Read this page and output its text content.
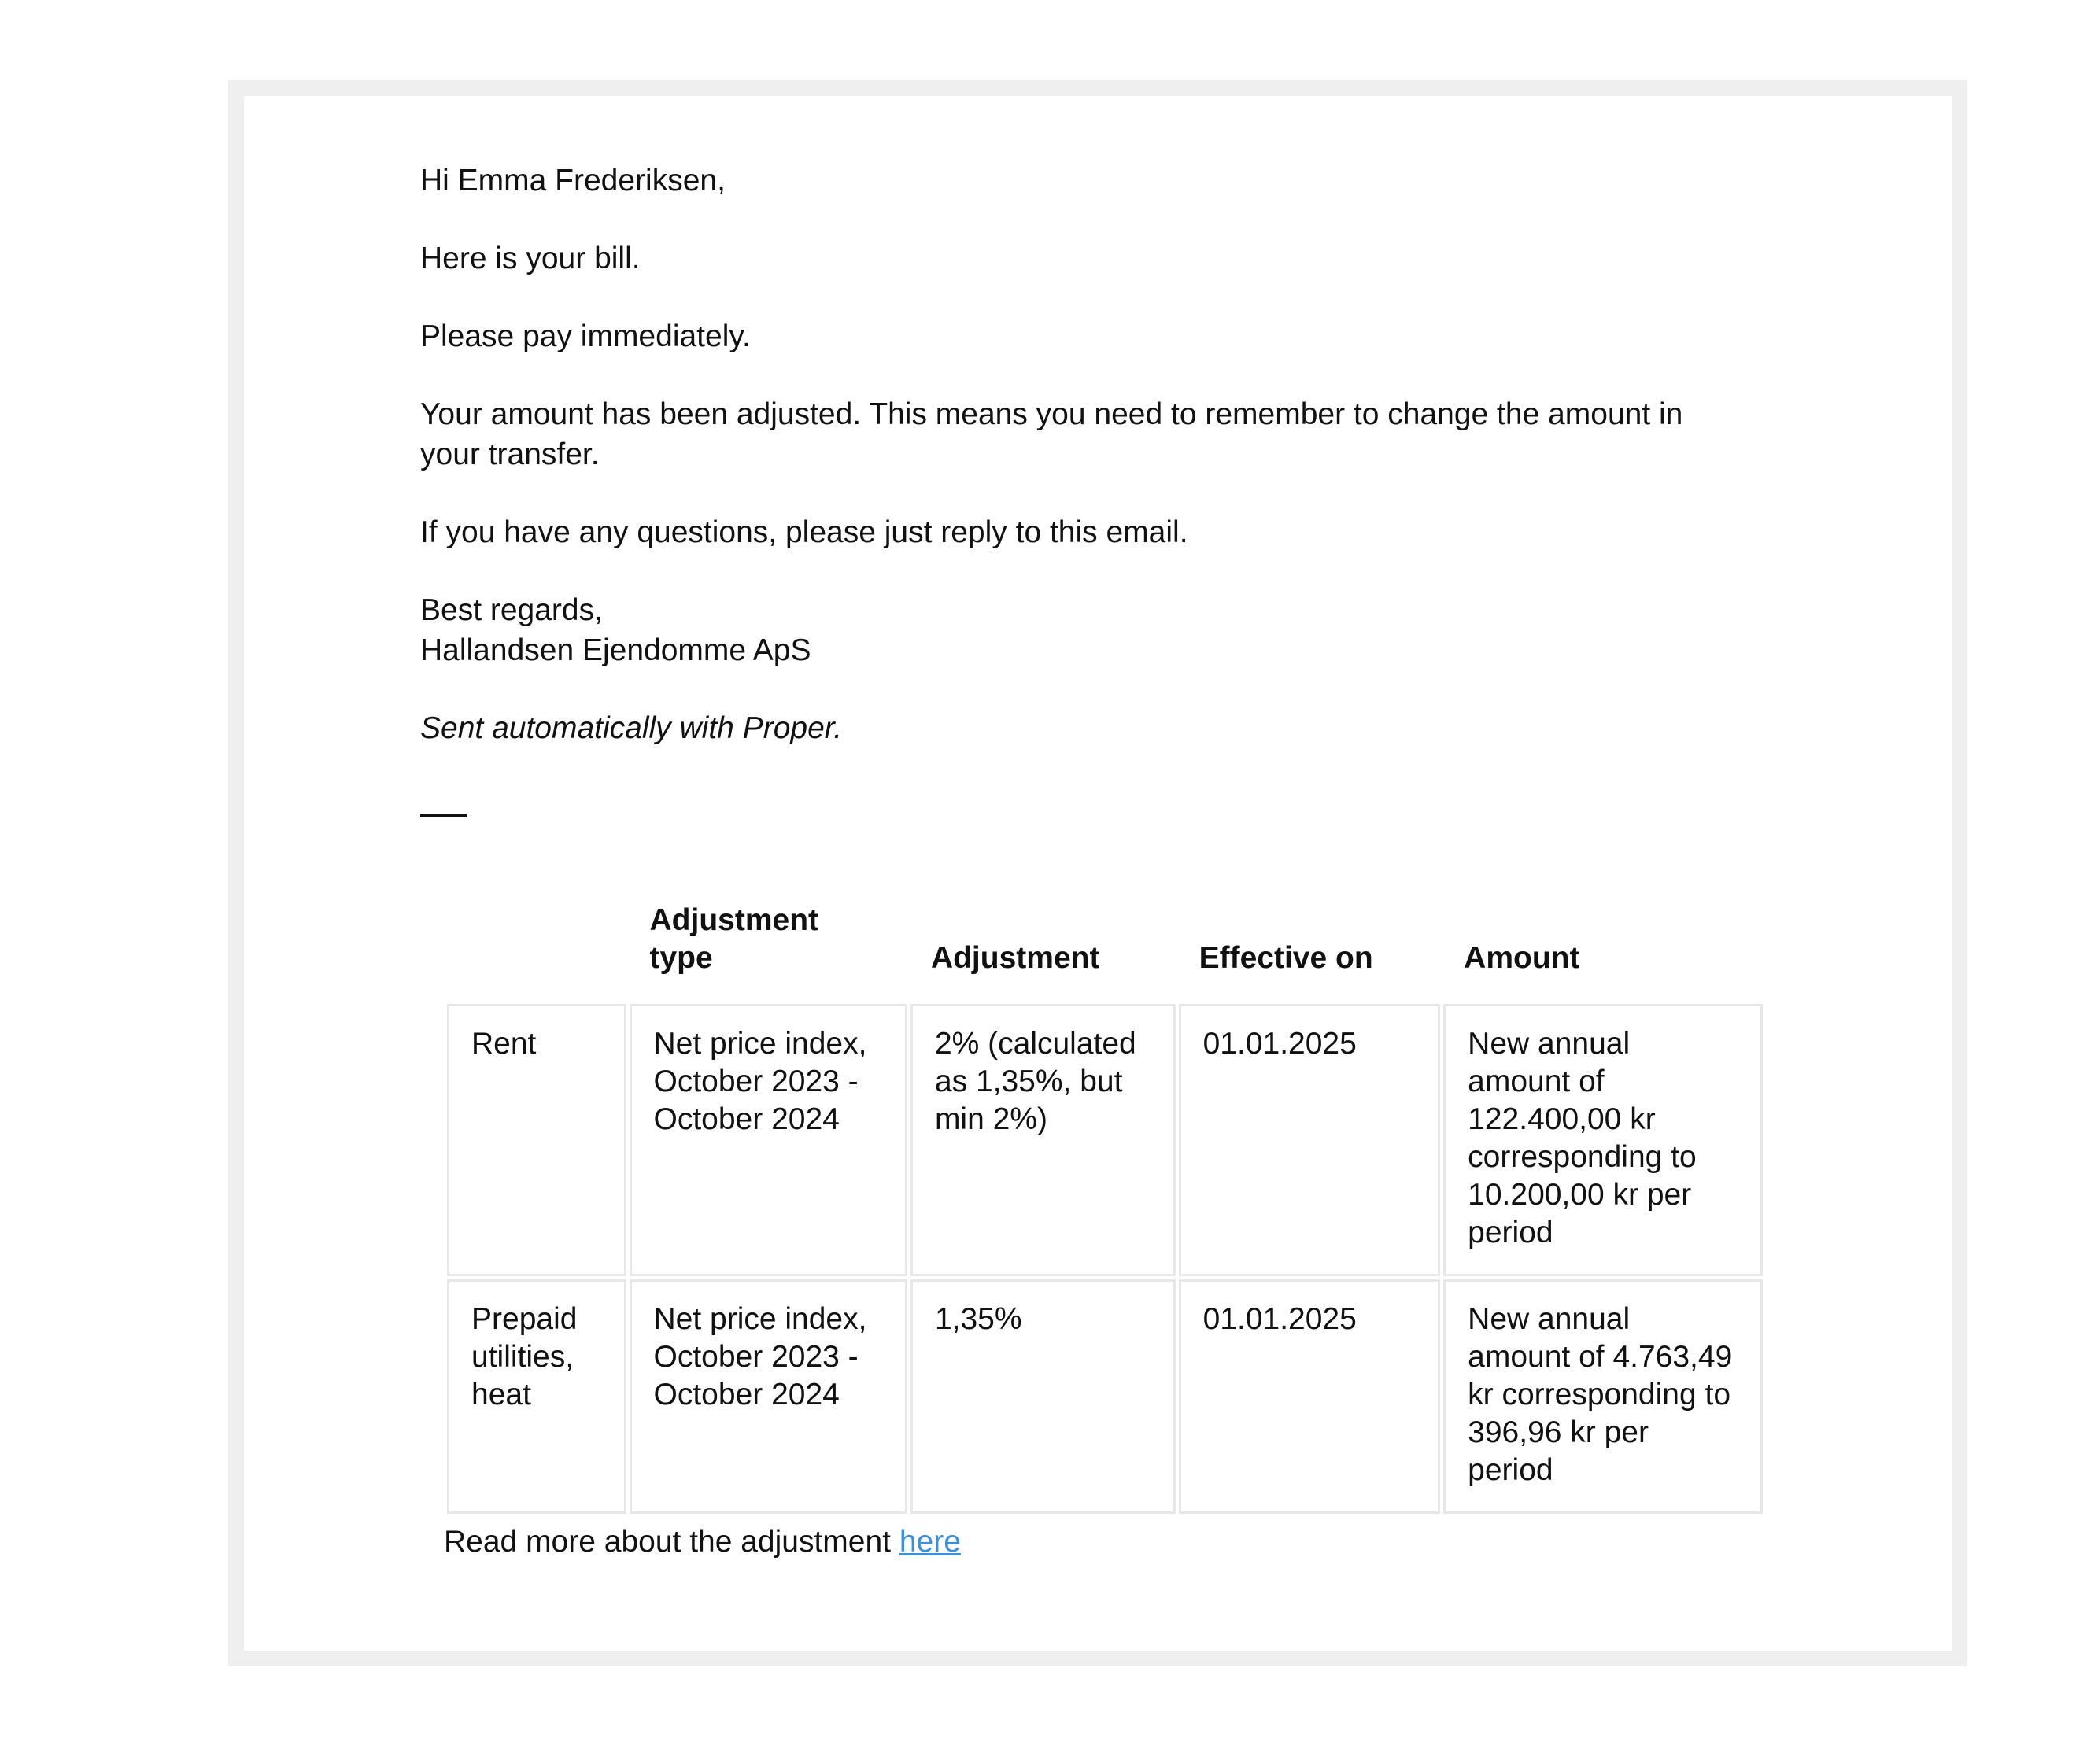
Hi Emma Frederiksen,

Here is your bill.

Please pay immediately.

Your amount has been adjusted. This means you need to remember to change the amount in your transfer.

If you have any questions, please just reply to this email.

Best regards,
Hallandsen Ejendomme ApS
Sent automatically with Proper.
	Adjustment type	Adjustment	Effective on	Amount
Rent	Net price index, October 2023 - October 2024	2% (calculated as 1,35%, but min 2%)	01.01.2025	New annual amount of 122.400,00 kr corresponding to 10.200,00 kr per period
Prepaid utilities, heat	Net price index, October 2023 - October 2024	1,35%	01.01.2025	New annual amount of 4.763,49 kr corresponding to 396,96 kr per period
Read more about the adjustment here
